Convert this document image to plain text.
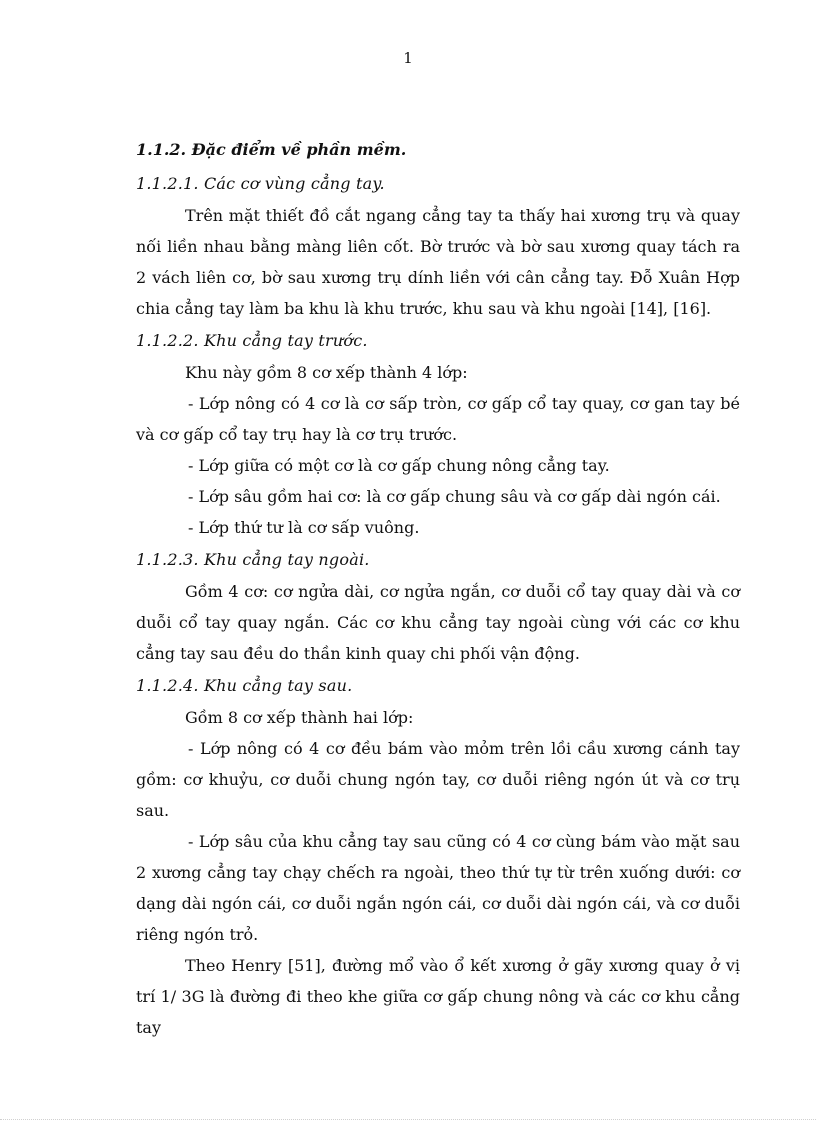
1

1.1.2. Đặc điểm về phần mềm.

1.1.2.1. Các cơ vùng cẳng tay.

Trên mặt thiết đồ cắt ngang cẳng tay ta thấy hai xương trụ và quay nối liền nhau bằng màng liên cốt. Bờ trước và bờ sau xương quay tách ra 2 vách liên cơ, bờ sau xương trụ dính liền với cân cẳng tay. Đỗ Xuân Hợp chia cẳng tay làm ba khu là khu trước, khu sau và khu ngoài [14], [16].

1.1.2.2. Khu cẳng tay trước.

Khu này gồm 8 cơ xếp thành 4 lớp:

- Lớp nông có 4 cơ là cơ sấp tròn, cơ gấp cổ tay quay, cơ gan tay bé và cơ gấp cổ tay trụ hay là cơ trụ trước.

- Lớp giữa có một cơ là cơ gấp chung nông cẳng tay.

- Lớp sâu gồm hai cơ: là cơ gấp chung sâu và cơ gấp dài ngón cái.

- Lớp thứ tư là cơ sấp vuông.

1.1.2.3. Khu cẳng tay ngoài.

Gồm 4 cơ: cơ ngửa dài, cơ ngửa ngắn, cơ duỗi cổ tay quay dài và cơ duỗi cổ tay quay ngắn. Các cơ khu cẳng tay ngoài cùng với các cơ khu cẳng tay sau đều do thần kinh quay chi phối vận động.

1.1.2.4. Khu cẳng tay sau.

Gồm 8 cơ xếp thành hai lớp:

- Lớp nông có 4 cơ đều bám vào mỏm trên lồi cầu xương cánh tay gồm: cơ khuỷu, cơ duỗi chung ngón tay, cơ duỗi riêng ngón út và cơ trụ sau.

- Lớp sâu của khu cẳng tay sau cũng có 4 cơ cùng bám vào mặt sau 2 xương cẳng tay chạy chếch ra ngoài, theo thứ tự từ trên xuống dưới: cơ dạng dài ngón cái, cơ duỗi ngắn ngón cái, cơ duỗi dài ngón cái, và cơ duỗi riêng ngón trỏ.

Theo Henry [51], đường mổ vào ổ kết xương ở gãy xương quay ở vị trí 1/ 3G là đường đi theo khe giữa cơ gấp chung nông và các cơ khu cẳng tay
